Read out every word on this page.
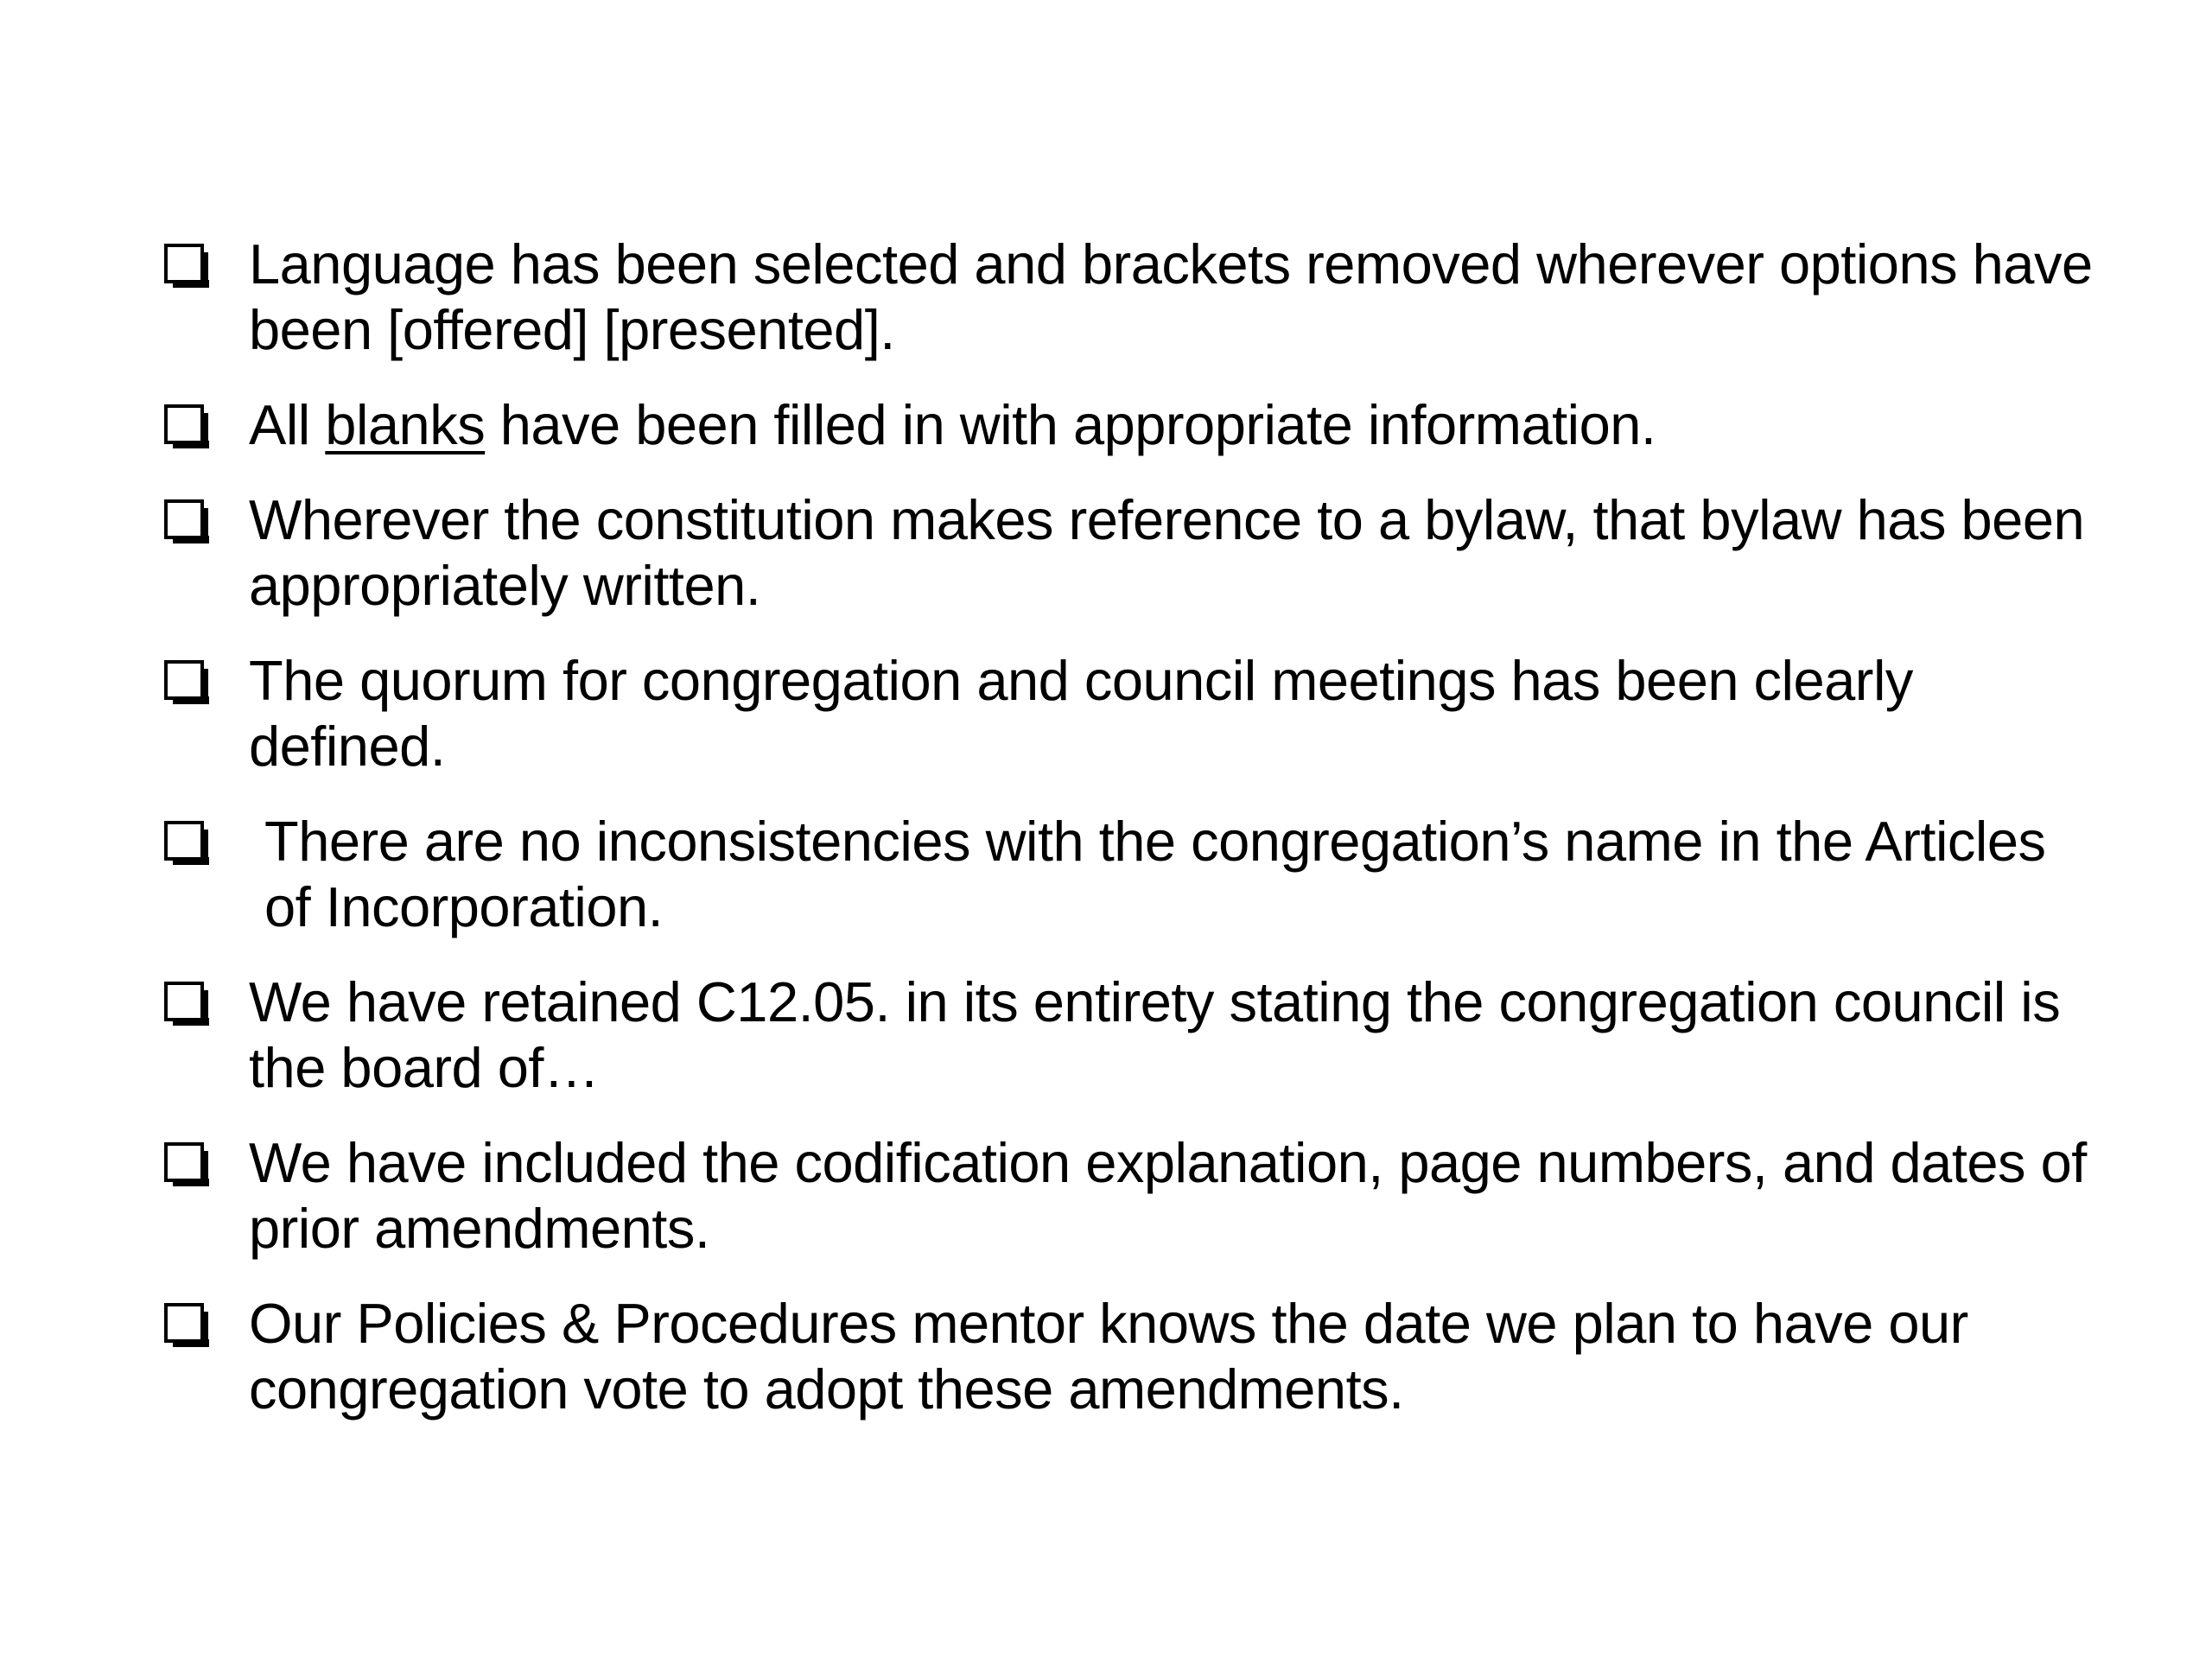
Language has been selected and brackets removed wherever options have been [offered] [presented].
All blanks have been filled in with appropriate information.
Wherever the constitution makes reference to a bylaw, that bylaw has been appropriately written.
The quorum for congregation and council meetings has been clearly defined.
There are no inconsistencies with the congregation’s name in the Articles of Incorporation.
We have retained C12.05. in its entirety stating the congregation council is the board of…
We have included the codification explanation, page numbers, and dates of prior amendments.
Our Policies & Procedures mentor knows the date we plan to have our congregation vote to adopt these amendments.
